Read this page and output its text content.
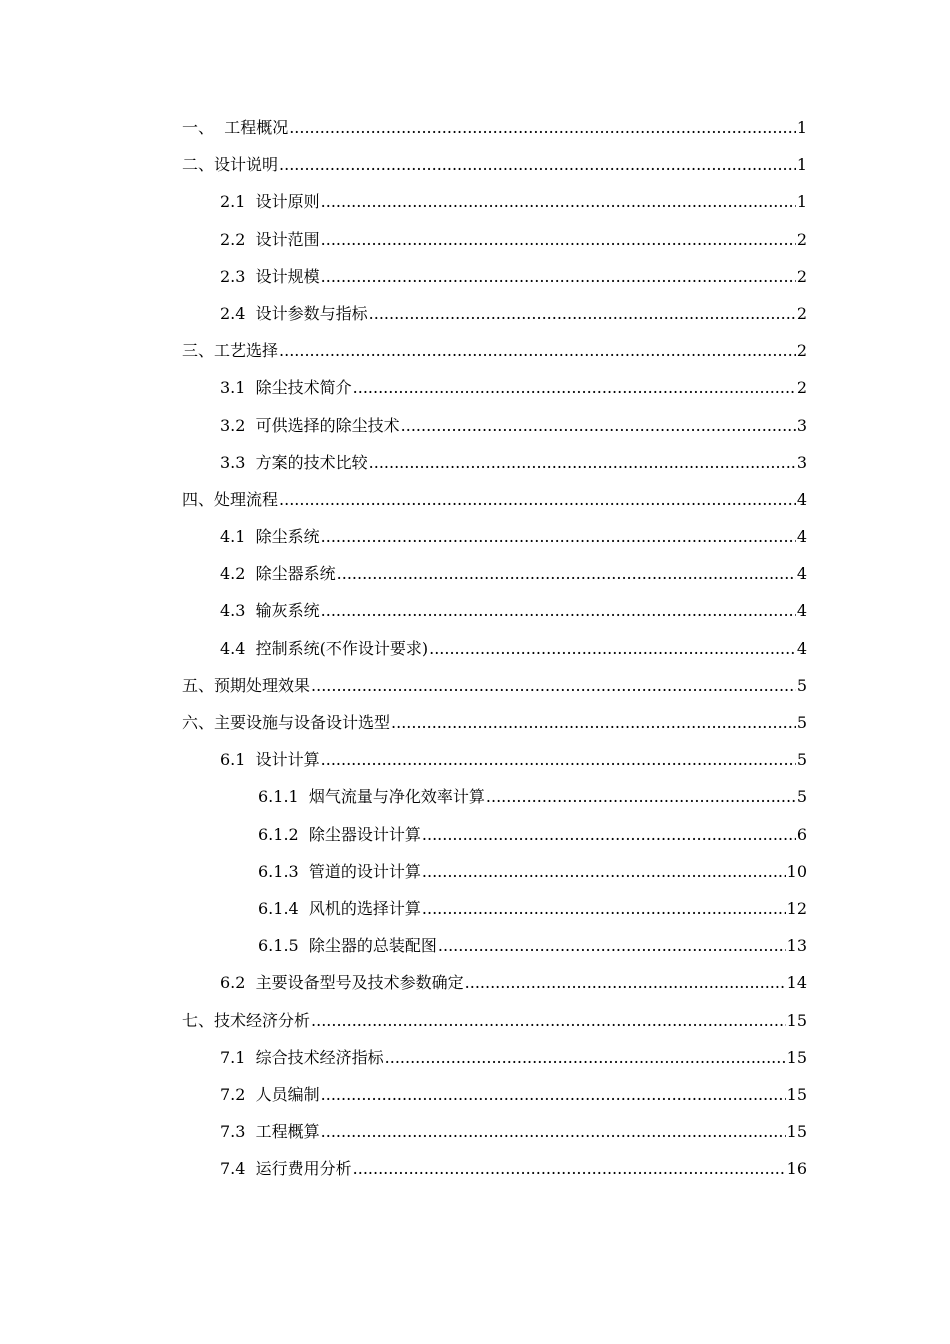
一、 工程概况 .....	1
二、 设计说明 .....	1
2.1 设计原则 .....	1
2.2 设计范围 .....	2
2.3 设计规模 .....	2
2.4 设计参数与指标 .....	2
三、 工艺选择 .....	2
3.1 除尘技术简介 .....	2
3.2 可供选择的除尘技术 .....	3
3.3 方案的技术比较 .....	3
四、 处理流程 .....	4
4.1 除尘系统 .....	4
4.2 除尘器系统 .....	4
4.3 输灰系统 .....	4
4.4 控制系统(不作设计要求) .....	4
五、 预期处理效果 .....	5
六、 主要设施与设备设计选型 .....	5
6.1 设计计算 .....	5
6.1.1 烟气流量与净化效率计算 .....	5
6.1.2 除尘器设计计算 .....	6
6.1.3 管道的设计计算 .....	10
6.1.4 风机的选择计算 .....	12
6.1.5 除尘器的总装配图 .....	13
6.2 主要设备型号及技术参数确定 .....	14
七、 技术经济分析 .....	15
7.1 综合技术经济指标 .....	15
7.2 人员编制 .....	15
7.3 工程概算 .....	15
7.4 运行费用分析 .....	16
